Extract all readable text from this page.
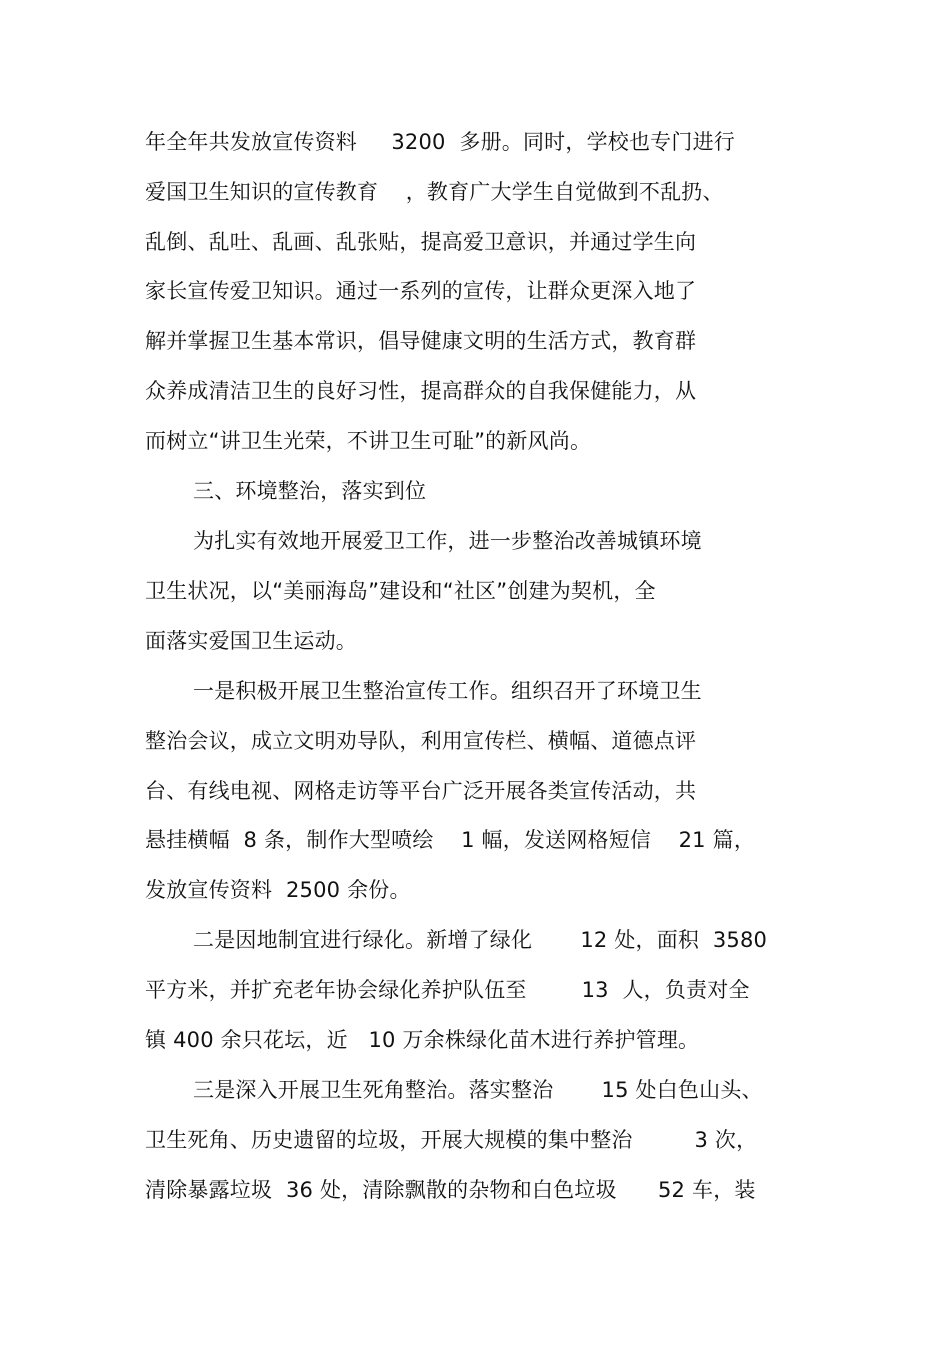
年全年共发放宣传资料     3200  多册。同时，学校也专门进行
爱国卫生知识的宣传教育    ，教育广大学生自觉做到不乱扔、
乱倒、乱吐、乱画、乱张贴，提高爱卫意识，并通过学生向
家长宣传爱卫知识。通过一系列的宣传，让群众更深入地了
解并掌握卫生基本常识，倡导健康文明的生活方式，教育群
众养成清洁卫生的良好习性，提高群众的自我保健能力，从
而树立“讲卫生光荣，不讲卫生可耻”的新风尚。
三、环境整治，落实到位
为扎实有效地开展爱卫工作，进一步整治改善城镇环境
卫生状况，以“美丽海岛”建设和“社区”创建为契机，全
面落实爱国卫生运动。
一是积极开展卫生整治宣传工作。组织召开了环境卫生
整治会议，成立文明劝导队，利用宣传栏、横幅、道德点评
台、有线电视、网格走访等平台广泛开展各类宣传活动，共
悬挂横幅  8 条，制作大型喷绘    1 幅，发送网格短信    21 篇，
发放宣传资料  2500 余份。
二是因地制宜进行绿化。新增了绿化       12 处，面积  3580
平方米，并扩充老年协会绿化养护队伍至        13  人，负责对全
镇 400 余只花坛，近   10 万余株绿化苗木进行养护管理。
三是深入开展卫生死角整治。落实整治       15 处白色山头、
卫生死角、历史遗留的垃圾，开展大规模的集中整治         3 次，
清除暴露垃圾  36 处，清除飘散的杂物和白色垃圾      52 车，装
